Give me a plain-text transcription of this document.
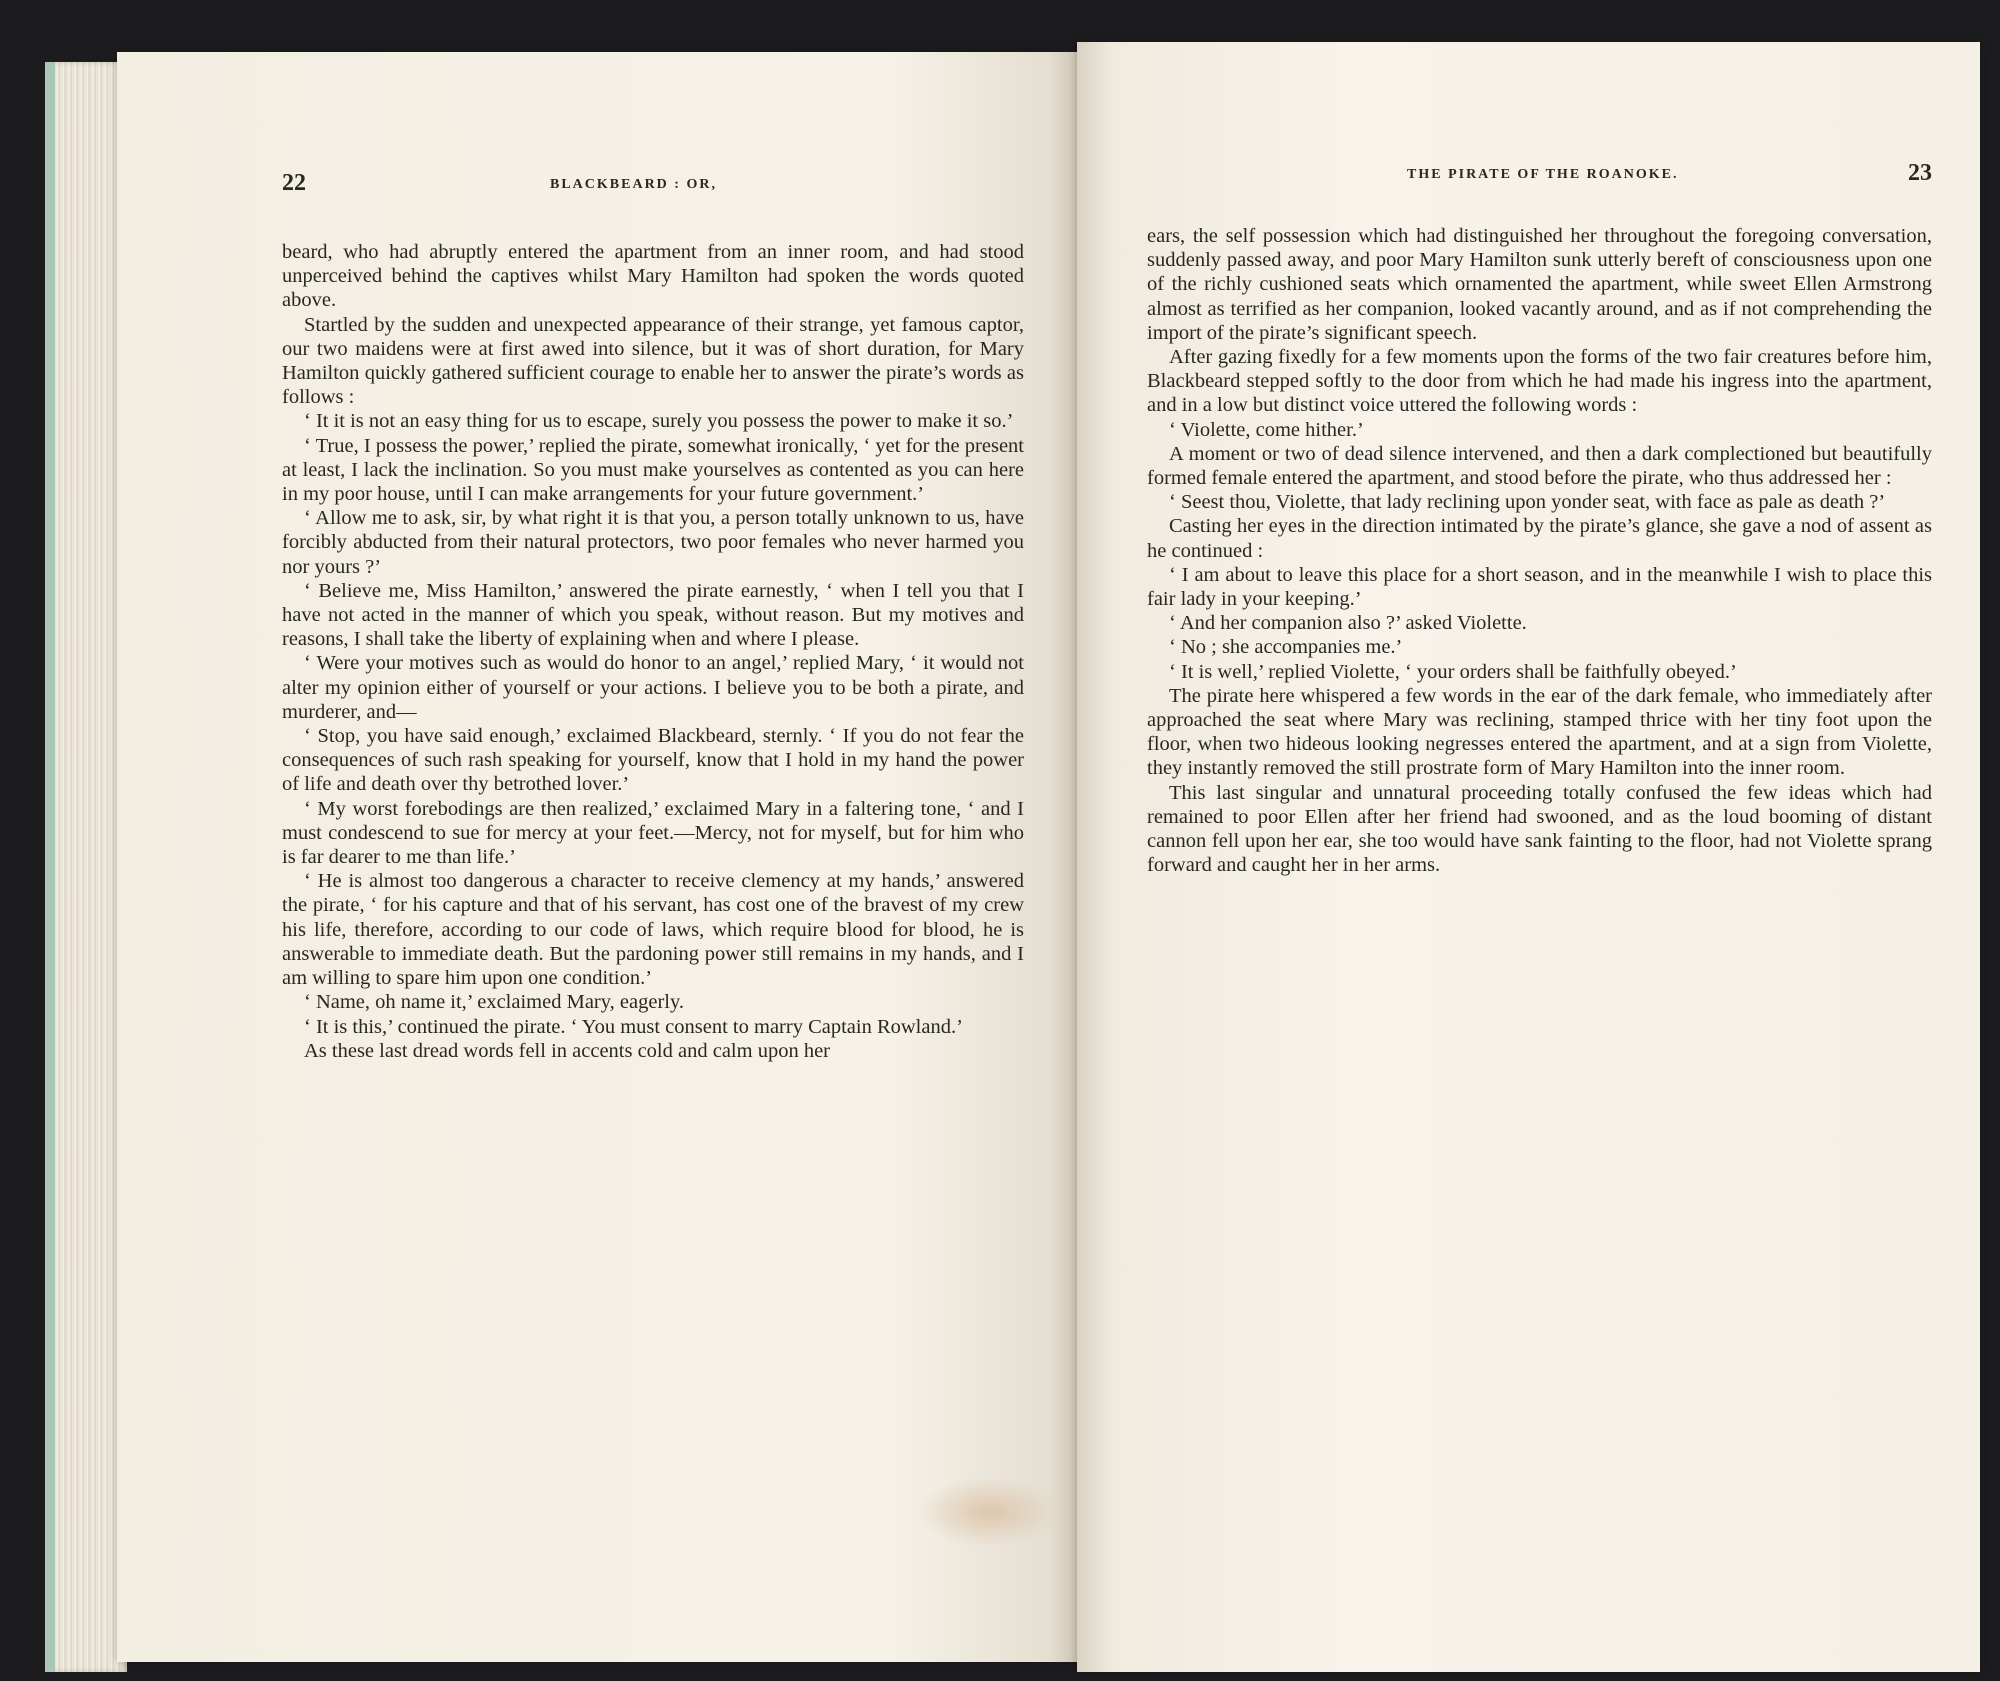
22	BLACKBEARD : OR,

beard, who had abruptly entered the apartment from an inner room, and had stood unperceived behind the captives whilst Mary Hamilton had spoken the words quoted above.

Startled by the sudden and unexpected appearance of their strange, yet famous captor, our two maidens were at first awed into silence, but it was of short duration, for Mary Hamilton quickly gathered sufficient courage to enable her to answer the pirate’s words as follows :

‘ It it is not an easy thing for us to escape, surely you possess the power to make it so.’

‘ True, I possess the power,’ replied the pirate, somewhat ironically, ‘ yet for the present at least, I lack the inclination. So you must make yourselves as contented as you can here in my poor house, until I can make arrangements for your future government.’

‘ Allow me to ask, sir, by what right it is that you, a person totally unknown to us, have forcibly abducted from their natural protectors, two poor females who never harmed you nor yours ?’

‘ Believe me, Miss Hamilton,’ answered the pirate earnestly, ‘ when I tell you that I have not acted in the manner of which you speak, without reason. But my motives and reasons, I shall take the liberty of explaining when and where I please.

‘ Were your motives such as would do honor to an angel,’ replied Mary, ‘ it would not alter my opinion either of yourself or your actions. I believe you to be both a pirate, and murderer, and—

‘ Stop, you have said enough,’ exclaimed Blackbeard, sternly. ‘ If you do not fear the consequences of such rash speaking for yourself, know that I hold in my hand the power of life and death over thy betrothed lover.’

‘ My worst forebodings are then realized,’ exclaimed Mary in a faltering tone, ‘ and I must condescend to sue for mercy at your feet.—Mercy, not for myself, but for him who is far dearer to me than life.’

‘ He is almost too dangerous a character to receive clemency at my hands,’ answered the pirate, ‘ for his capture and that of his servant, has cost one of the bravest of my crew his life, therefore, according to our code of laws, which require blood for blood, he is answerable to immediate death. But the pardoning power still remains in my hands, and I am willing to spare him upon one condition.’

‘ Name, oh name it,’ exclaimed Mary, eagerly.

‘ It is this,’ continued the pirate. ‘ You must consent to marry Captain Rowland.’

As these last dread words fell in accents cold and calm upon her

THE PIRATE OF THE ROANOKE.	23

ears, the self possession which had distinguished her throughout the foregoing conversation, suddenly passed away, and poor Mary Hamilton sunk utterly bereft of consciousness upon one of the richly cushioned seats which ornamented the apartment, while sweet Ellen Armstrong almost as terrified as her companion, looked vacantly around, and as if not comprehending the import of the pirate’s significant speech.

After gazing fixedly for a few moments upon the forms of the two fair creatures before him, Blackbeard stepped softly to the door from which he had made his ingress into the apartment, and in a low but distinct voice uttered the following words :

‘ Violette, come hither.’

A moment or two of dead silence intervened, and then a dark complectioned but beautifully formed female entered the apartment, and stood before the pirate, who thus addressed her :

‘ Seest thou, Violette, that lady reclining upon yonder seat, with face as pale as death ?’

Casting her eyes in the direction intimated by the pirate’s glance, she gave a nod of assent as he continued :

‘ I am about to leave this place for a short season, and in the meanwhile I wish to place this fair lady in your keeping.’

‘ And her companion also ?’ asked Violette.

‘ No ; she accompanies me.’

‘ It is well,’ replied Violette, ‘ your orders shall be faithfully obeyed.’

The pirate here whispered a few words in the ear of the dark female, who immediately after approached the seat where Mary was reclining, stamped thrice with her tiny foot upon the floor, when two hideous looking negresses entered the apartment, and at a sign from Violette, they instantly removed the still prostrate form of Mary Hamilton into the inner room.

This last singular and unnatural proceeding totally confused the few ideas which had remained to poor Ellen after her friend had swooned, and as the loud booming of distant cannon fell upon her ear, she too would have sank fainting to the floor, had not Violette sprang forward and caught her in her arms.
